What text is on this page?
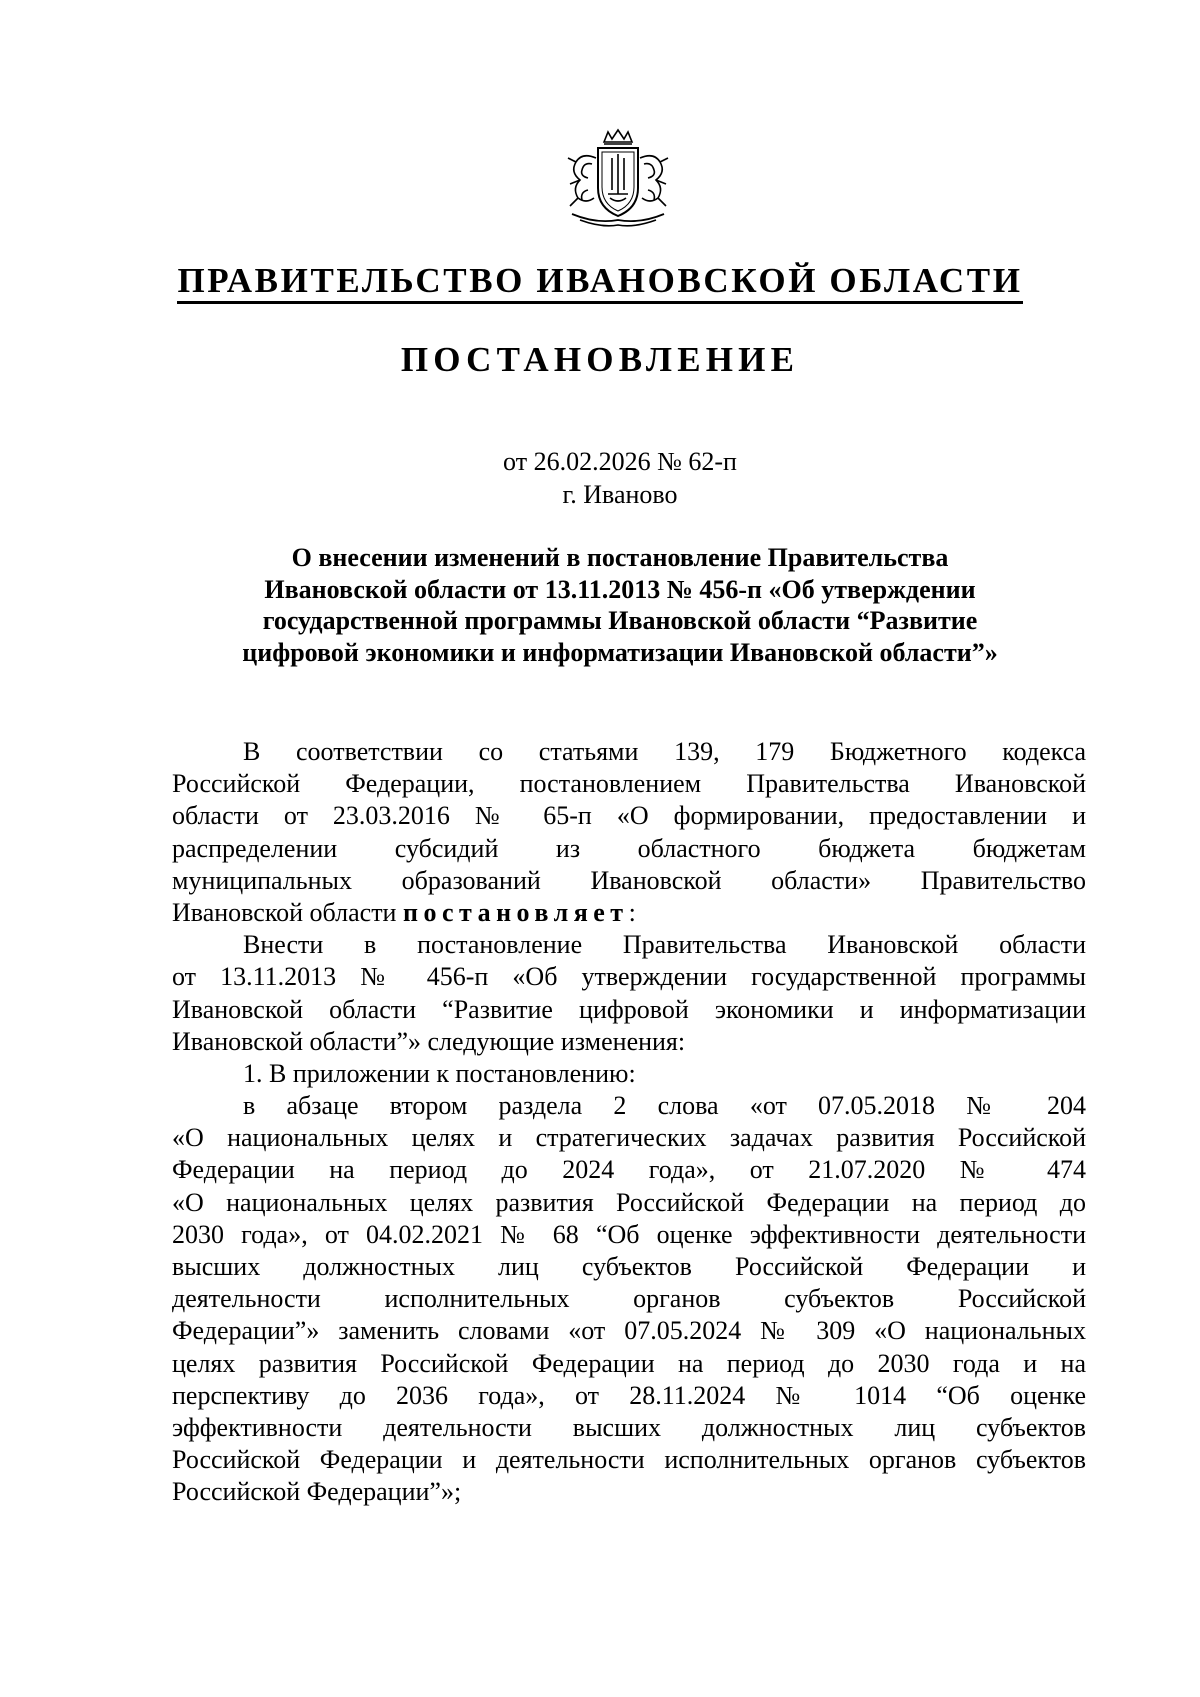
ПРАВИТЕЛЬСТВО ИВАНОВСКОЙ ОБЛАСТИ
ПОСТАНОВЛЕНИЕ
от 26.02.2026 № 62-п
г. Иваново
О внесении изменений в постановление Правительства
Ивановской области от 13.11.2013 № 456-п «Об утверждении
государственной программы Ивановской области “Развитие
цифровой экономики и информатизации Ивановской области”»
В соответствии со статьями 139, 179 Бюджетного кодекса
Российской Федерации, постановлением Правительства Ивановской
области от 23.03.2016 № 65-п «О формировании, предоставлении и
распределении субсидий из областного бюджета бюджетам
муниципальных образований Ивановской области» Правительство
Ивановской области постановляет:
Внести в постановление Правительства Ивановской области
от 13.11.2013 № 456-п «Об утверждении государственной программы
Ивановской области “Развитие цифровой экономики и информатизации
Ивановской области”» следующие изменения:
1. В приложении к постановлению:
в абзаце втором раздела 2 слова «от 07.05.2018 № 204
«О национальных целях и стратегических задачах развития Российской
Федерации на период до 2024 года», от 21.07.2020 № 474
«О национальных целях развития Российской Федерации на период до
2030 года», от 04.02.2021 № 68 “Об оценке эффективности деятельности
высших должностных лиц субъектов Российской Федерации и
деятельности исполнительных органов субъектов Российской
Федерации”» заменить словами «от 07.05.2024 № 309 «О национальных
целях развития Российской Федерации на период до 2030 года и на
перспективу до 2036 года», от 28.11.2024 № 1014 “Об оценке
эффективности деятельности высших должностных лиц субъектов
Российской Федерации и деятельности исполнительных органов субъектов
Российской Федерации”»;
